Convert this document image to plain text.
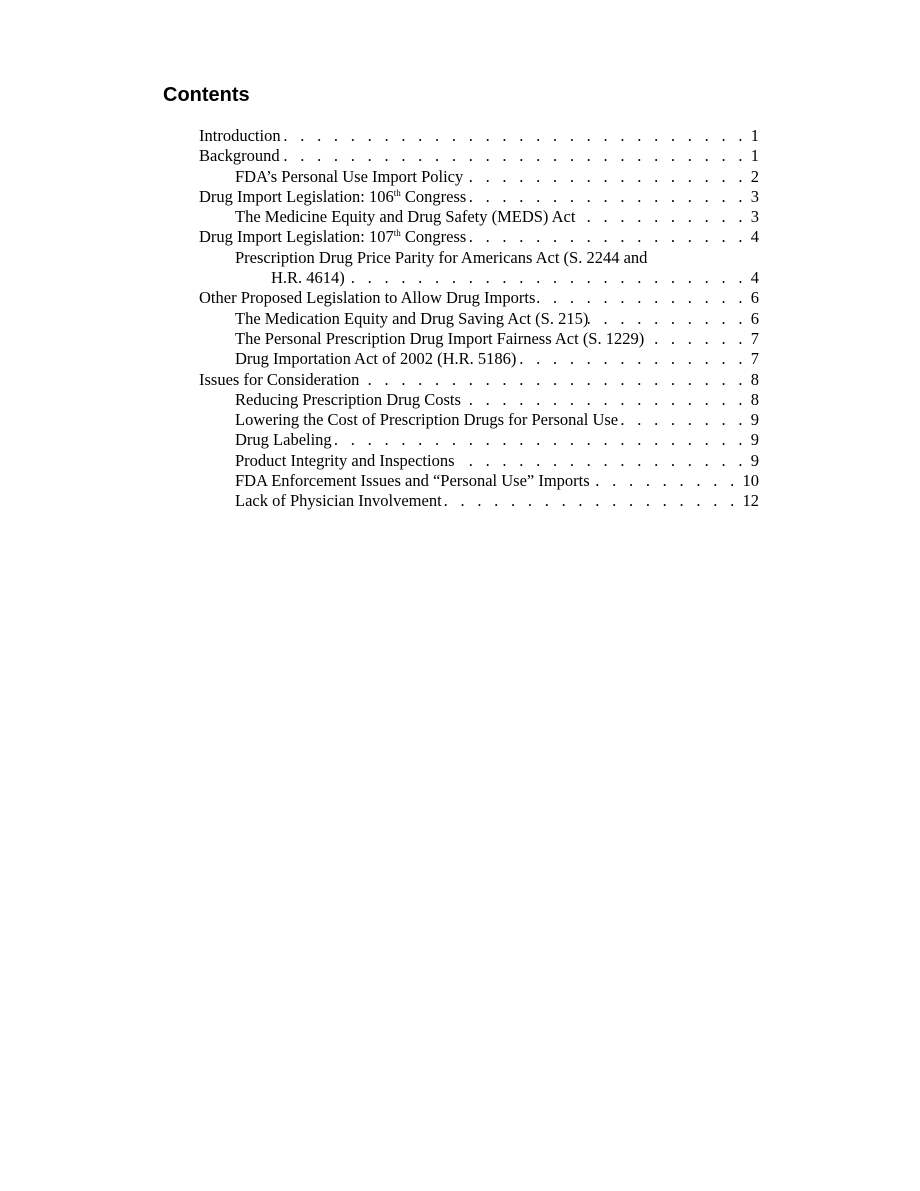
Contents
Introduction . . .	1
Background . . .	1
FDA’s Personal Use Import Policy . . .	2
Drug Import Legislation: 106th Congress . . .	3
The Medicine Equity and Drug Safety (MEDS) Act . . .	3
Drug Import Legislation: 107th Congress . . .	4
Prescription Drug Price Parity for Americans Act (S. 2244 and
H.R. 4614) . . .	4
Other Proposed Legislation to Allow Drug Imports . . .	6
The Medication Equity and Drug Saving Act (S. 215) . . .	6
The Personal Prescription Drug Import Fairness Act (S. 1229) . . .	7
Drug Importation Act of 2002 (H.R. 5186) . . .	7
Issues for Consideration . . .	8
Reducing Prescription Drug Costs . . .	8
Lowering the Cost of Prescription Drugs for Personal Use . . .	9
Drug Labeling . . .	9
Product Integrity and Inspections . . .	9
FDA Enforcement Issues and “Personal Use” Imports . . .	10
Lack of Physician Involvement . . .	12
